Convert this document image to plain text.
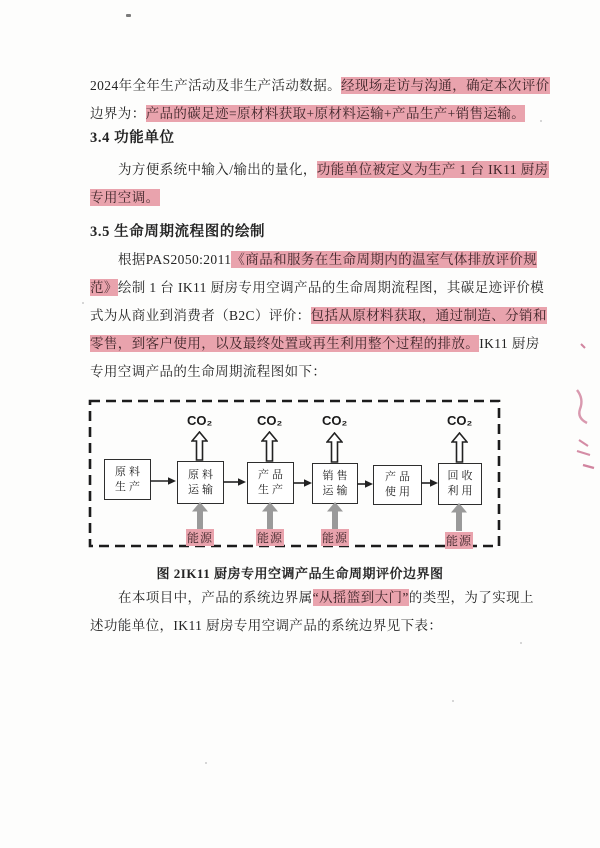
2024年全年生产活动及非生产活动数据。经现场走访与沟通，确定本次评价
边界为：产品的碳足迹=原材料获取+原材料运输+产品生产+销售运输。
3.4 功能单位
为方便系统中输入/输出的量化，功能单位被定义为生产 1 台 IK11 厨房
专用空调。
3.5 生命周期流程图的绘制
根据PAS2050:2011《商品和服务在生命周期内的温室气体排放评价规
范》绘制 1 台 IK11 厨房专用空调产品的生命周期流程图，其碳足迹评价模
式为从商业到消费者（B2C）评价：包括从原材料获取，通过制造、分销和
零售，到客户使用，以及最终处置或再生利用整个过程的排放。IK11 厨房
专用空调产品的生命周期流程图如下：
原料
生产
原料
运输
产品
生产
销售
运输
产品
使用
回收
利用
CO₂	CO₂	CO₂	CO₂
能源	能源	能源	能源
图 2IK11 厨房专用空调产品生命周期评价边界图
在本项目中，产品的系统边界属“从摇篮到大门”的类型，为了实现上
述功能单位，IK11 厨房专用空调产品的系统边界见下表：
